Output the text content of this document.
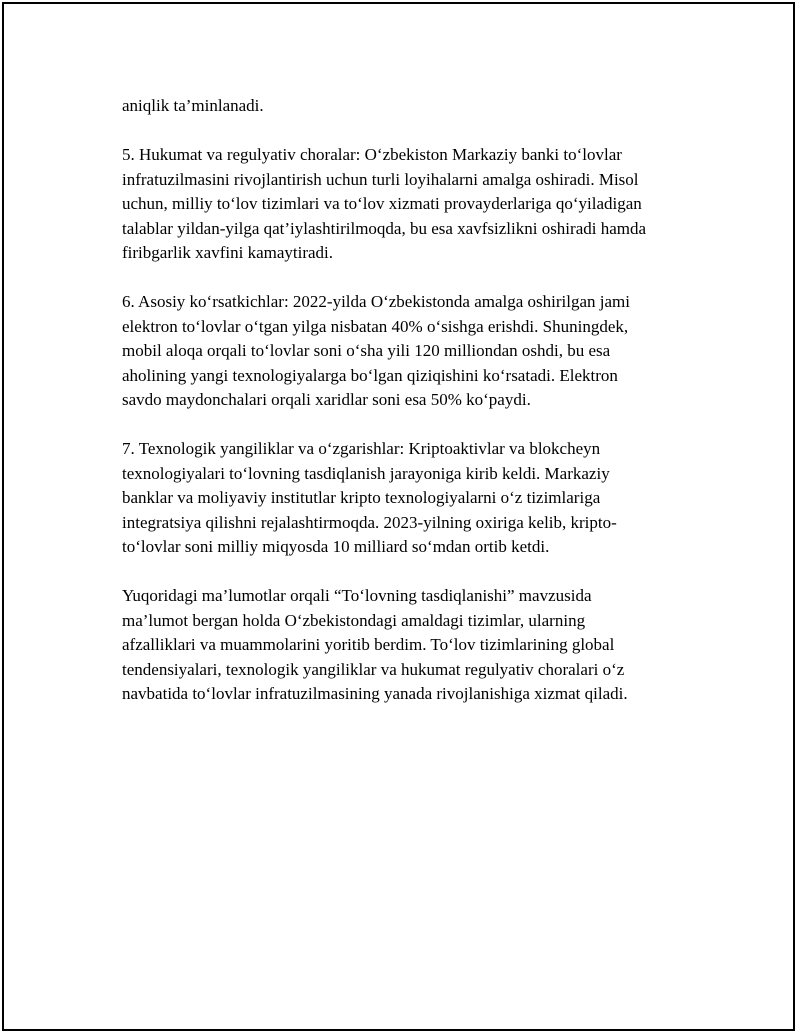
aniqlik ta’minlanadi.

5. Hukumat va regulyativ choralar: O‘zbekiston Markaziy banki to‘lovlar
infratuzilmasini rivojlantirish uchun turli loyihalarni amalga oshiradi. Misol
uchun, milliy to‘lov tizimlari va to‘lov xizmati provayderlariga qo‘yiladigan
talablar yildan-yilga qat’iylashtirilmoqda, bu esa xavfsizlikni oshiradi hamda
firibgarlik xavfini kamaytiradi.

6. Asosiy ko‘rsatkichlar: 2022-yilda O‘zbekistonda amalga oshirilgan jami
elektron to‘lovlar o‘tgan yilga nisbatan 40% o‘sishga erishdi. Shuningdek,
mobil aloqa orqali to‘lovlar soni o‘sha yili 120 milliondan oshdi, bu esa
aholining yangi texnologiyalarga bo‘lgan qiziqishini ko‘rsatadi. Elektron
savdo maydonchalari orqali xaridlar soni esa 50% ko‘paydi.

7. Texnologik yangiliklar va o‘zgarishlar: Kriptoaktivlar va blokcheyn
texnologiyalari to‘lovning tasdiqlanish jarayoniga kirib keldi. Markaziy
banklar va moliyaviy institutlar kripto texnologiyalarni o‘z tizimlariga
integratsiya qilishni rejalashtirmoqda. 2023-yilning oxiriga kelib, kripto-
to‘lovlar soni milliy miqyosda 10 milliard so‘mdan ortib ketdi.

Yuqoridagi ma’lumotlar orqali “To‘lovning tasdiqlanishi” mavzusida
ma’lumot bergan holda O‘zbekistondagi amaldagi tizimlar, ularning
afzalliklari va muammolarini yoritib berdim. To‘lov tizimlarining global
tendensiyalari, texnologik yangiliklar va hukumat regulyativ choralari o‘z
navbatida to‘lovlar infratuzilmasining yanada rivojlanishiga xizmat qiladi.
